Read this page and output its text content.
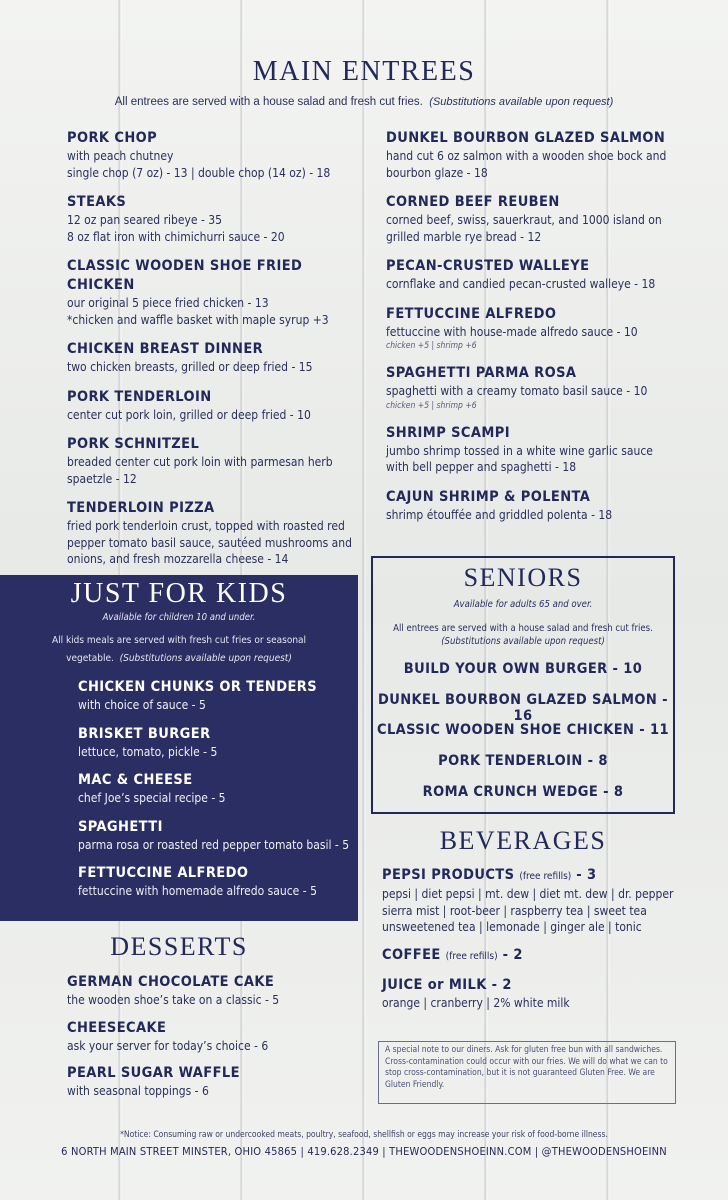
MAIN ENTREES
All entrees are served with a house salad and fresh cut fries. (Substitutions available upon request)
PORK CHOP
with peach chutney
single chop (7 oz) - 13 | double chop (14 oz) - 18
STEAKS
12 oz pan seared ribeye - 35
8 oz flat iron with chimichurri sauce - 20
CLASSIC WOODEN SHOE FRIED CHICKEN
our original 5 piece fried chicken - 13
*chicken and waffle basket with maple syrup +3
CHICKEN BREAST DINNER
two chicken breasts, grilled or deep fried - 15
PORK TENDERLOIN
center cut pork loin, grilled or deep fried - 10
PORK SCHNITZEL
breaded center cut pork loin with parmesan herb
spaetzle - 12
TENDERLOIN PIZZA
fried pork tenderloin crust, topped with roasted red
pepper tomato basil sauce, sautéed mushrooms and
onions, and fresh mozzarella cheese - 14
DUNKEL BOURBON GLAZED SALMON
hand cut 6 oz salmon with a wooden shoe bock and
bourbon glaze - 18
CORNED BEEF REUBEN
corned beef, swiss, sauerkraut, and 1000 island on
grilled marble rye bread - 12
PECAN-CRUSTED WALLEYE
cornflake and candied pecan-crusted walleye - 18
FETTUCCINE ALFREDO
fettuccine with house-made alfredo sauce - 10
chicken +5 | shrimp +6
SPAGHETTI PARMA ROSA
spaghetti with a creamy tomato basil sauce - 10
chicken +5 | shrimp +6
SHRIMP SCAMPI
jumbo shrimp tossed in a white wine garlic sauce
with bell pepper and spaghetti - 18
CAJUN SHRIMP & POLENTA
shrimp étouffée and griddled polenta - 18
JUST FOR KIDS
Available for children 10 and under.
All kids meals are served with fresh cut fries or seasonal
vegetable. (Substitutions available upon request)
CHICKEN CHUNKS OR TENDERS
with choice of sauce - 5
BRISKET BURGER
lettuce, tomato, pickle - 5
MAC & CHEESE
chef Joe’s special recipe - 5
SPAGHETTI
parma rosa or roasted red pepper tomato basil - 5
FETTUCCINE ALFREDO
fettuccine with homemade alfredo sauce - 5
DESSERTS
GERMAN CHOCOLATE CAKE
the wooden shoe’s take on a classic - 5
CHEESECAKE
ask your server for today’s choice - 6
PEARL SUGAR WAFFLE
with seasonal toppings - 6
SENIORS
Available for adults 65 and over.
All entrees are served with a house salad and fresh cut fries.
(Substitutions available upon request)
BUILD YOUR OWN BURGER - 10
DUNKEL BOURBON GLAZED SALMON - 16
CLASSIC WOODEN SHOE CHICKEN - 11
PORK TENDERLOIN - 8
ROMA CRUNCH WEDGE - 8
BEVERAGES
PEPSI PRODUCTS (free refills) - 3
pepsi | diet pepsi | mt. dew | diet mt. dew | dr. pepper
sierra mist | root-beer | raspberry tea | sweet tea
unsweetened tea | lemonade | ginger ale | tonic
COFFEE (free refills) - 2
JUICE or MILK - 2
orange | cranberry | 2% white milk
A special note to our diners. Ask for gluten free bun with all sandwiches. Cross-contamination could occur with our fries. We will do what we can to stop cross-contamination, but it is not guaranteed Gluten Free. We are Gluten Friendly.
*Notice: Consuming raw or undercooked meats, poultry, seafood, shellfish or eggs may increase your risk of food-borne illness.
6 NORTH MAIN STREET MINSTER, OHIO 45865 | 419.628.2349 | THEWOODENSHOEINN.COM | @THEWOODENSHOEINN
